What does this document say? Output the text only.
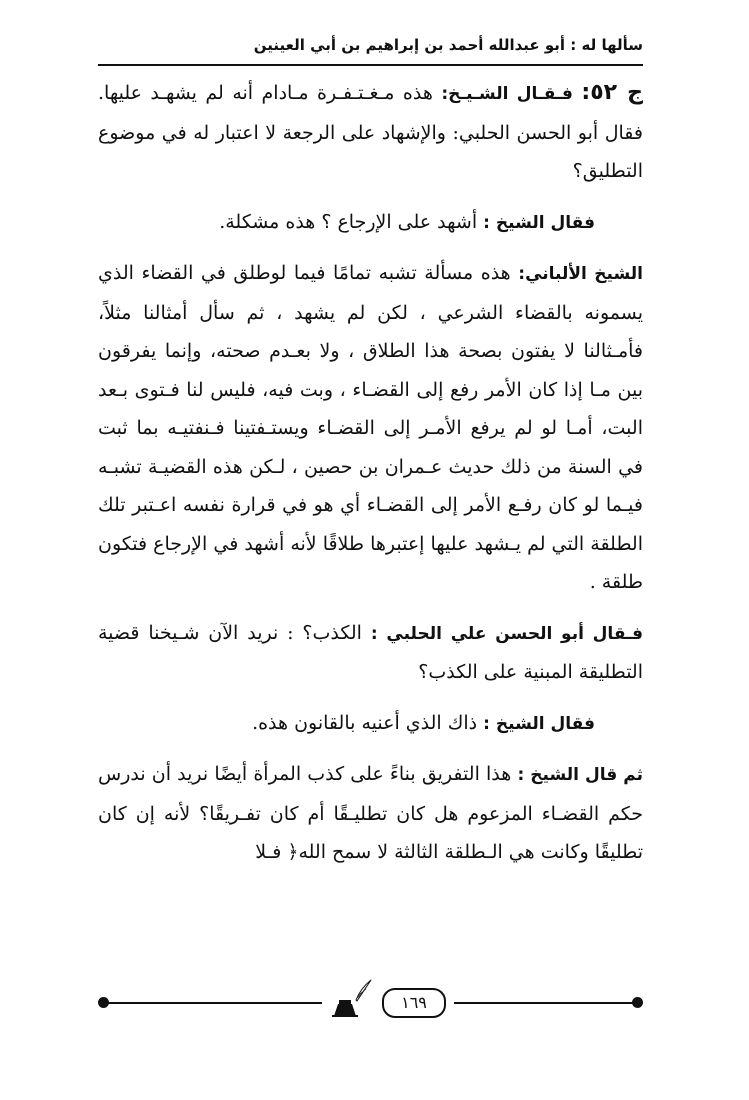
سألها له : أبو عبدالله أحمد بن إبراهيم بن أبي العينين

ج ٥٢: فـقـال الشـيـخ: هذه مـغـتـفـرة مـادام أنه لم يشهـد عليها. فقال أبو الحسن الحلبي: والإشهاد على الرجعة لا اعتبار له في موضوع التطليق؟

فقال الشيخ : أشهد على الإرجاع ؟ هذه مشكلة.

الشيخ الألباني: هذه مسألة تشبه تمامًا فيما لوطلق في القضاء الذي يسمونه بالقضاء الشرعي ، لكن لم يشهد ، ثم سأل أمثالنا مثلاً، فأمـثالنا لا يفتون بصحة هذا الطلاق ، ولا بعـدم صحته، وإنما يفرقون بين مـا إذا كان الأمر رفع إلى القضـاء ، وبت فيه، فليس لنا فـتوى بـعد البت، أمـا لو لم يرفع الأمـر إلى القضـاء ويستـفتينا فـنفتيـه بما ثبت في السنة من ذلك حديث عـمران بن حصين ، لـكن هذه القضيـة تشبـه فيـما لو كان رفـع الأمر إلى القضـاء أي هو في قرارة نفسه اعـتبر تلك الطلقة التي لم يـشهد عليها إعتبرها طلاقًا لأنه أشهد في الإرجاع فتكون طلقة .

فـقال أبو الحسن علي الحلبي : الكذب؟ : نريد الآن شـيخنا قضية التطليقة المبنية على الكذب؟

فقال الشيخ : ذاك الذي أعنيه بالقانون هذه.

ثم قال الشيخ : هذا التفريق بناءً على كذب المرأة أيضًا نريد أن ندرس حكم القضـاء المزعوم هل كان تطليـقًا أم كان تفـريقًا؟ لأنه إن كان تطليقًا وكانت هي الـطلقة الثالثة لا سمح الله﴿ فـلا

١٦٩
